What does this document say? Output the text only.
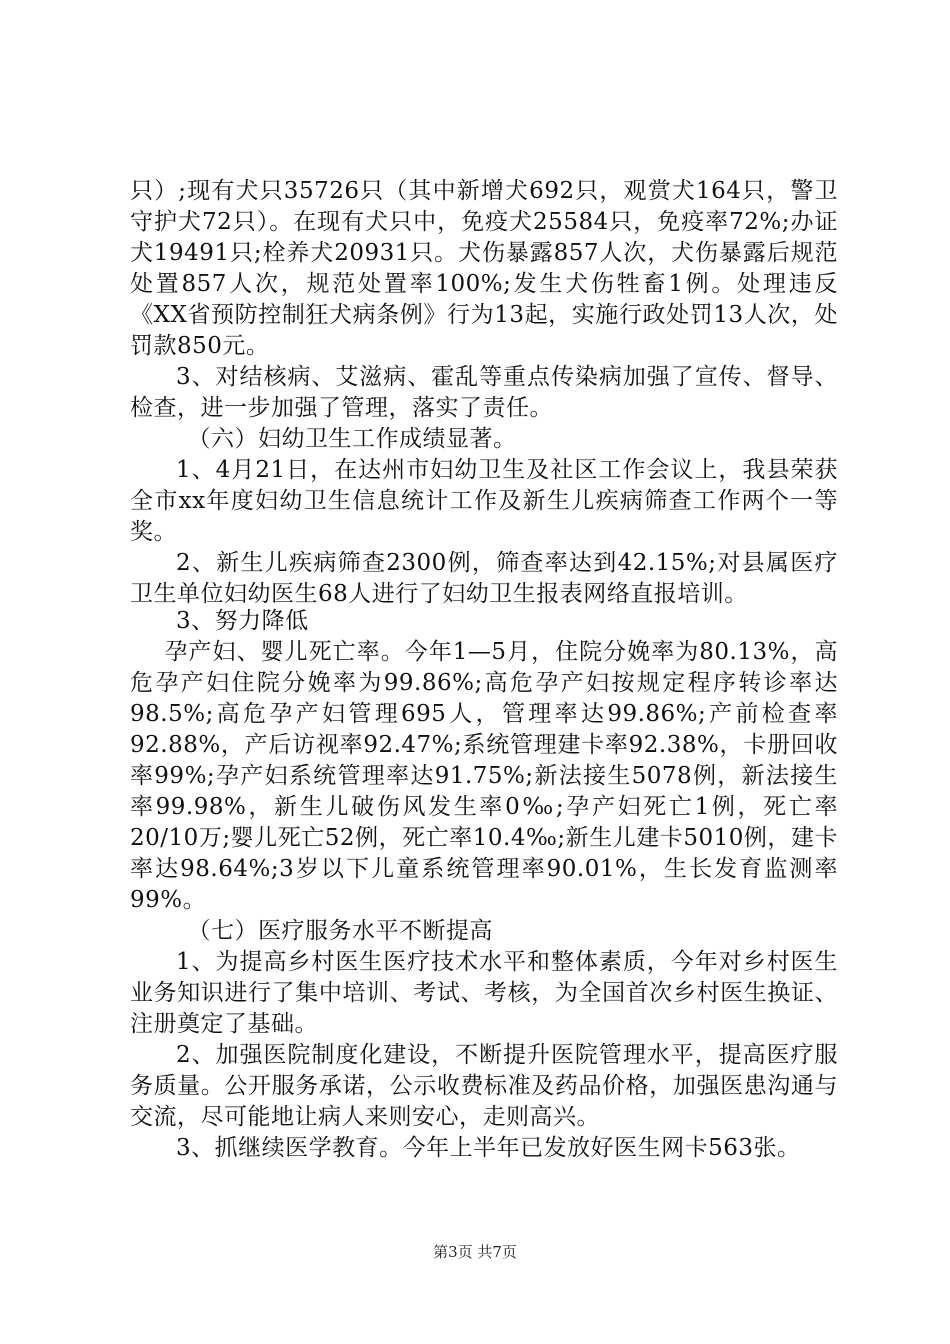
只）;现有犬只35726只（其中新增犬692只，观赏犬164只，警卫守护犬72只）。在现有犬只中，免疫犬25584只，免疫率72%;办证犬19491只;栓养犬20931只。犬伤暴露857人次，犬伤暴露后规范处置857人次，规范处置率100%;发生犬伤牲畜1例。处理违反《XX省预防控制狂犬病条例》行为13起，实施行政处罚13人次，处罚款850元。

3、对结核病、艾滋病、霍乱等重点传染病加强了宣传、督导、检查，进一步加强了管理，落实了责任。

（六）妇幼卫生工作成绩显著。

1、4月21日，在达州市妇幼卫生及社区工作会议上，我县荣获全市xx年度妇幼卫生信息统计工作及新生儿疾病筛查工作两个一等奖。

2、新生儿疾病筛查2300例，筛查率达到42.15%;对县属医疗卫生单位妇幼医生68人进行了妇幼卫生报表网络直报培训。

3、努力降低

孕产妇、婴儿死亡率。今年1—5月，住院分娩率为80.13%，高危孕产妇住院分娩率为99.86%;高危孕产妇按规定程序转诊率达98.5%;高危孕产妇管理695人，管理率达99.86%;产前检查率92.88%，产后访视率92.47%;系统管理建卡率92.38%，卡册回收率99%;孕产妇系统管理率达91.75%;新法接生5078例，新法接生率99.98%，新生儿破伤风发生率0‰;孕产妇死亡1例，死亡率20/10万;婴儿死亡52例，死亡率10.4‰;新生儿建卡5010例，建卡率达98.64%;3岁以下儿童系统管理率90.01%，生长发育监测率99%。

（七）医疗服务水平不断提高

1、为提高乡村医生医疗技术水平和整体素质，今年对乡村医生业务知识进行了集中培训、考试、考核，为全国首次乡村医生换证、注册奠定了基础。

2、加强医院制度化建设，不断提升医院管理水平，提高医疗服务质量。公开服务承诺，公示收费标准及药品价格，加强医患沟通与交流，尽可能地让病人来则安心，走则高兴。

3、抓继续医学教育。今年上半年已发放好医生网卡563张。

第3页 共7页
